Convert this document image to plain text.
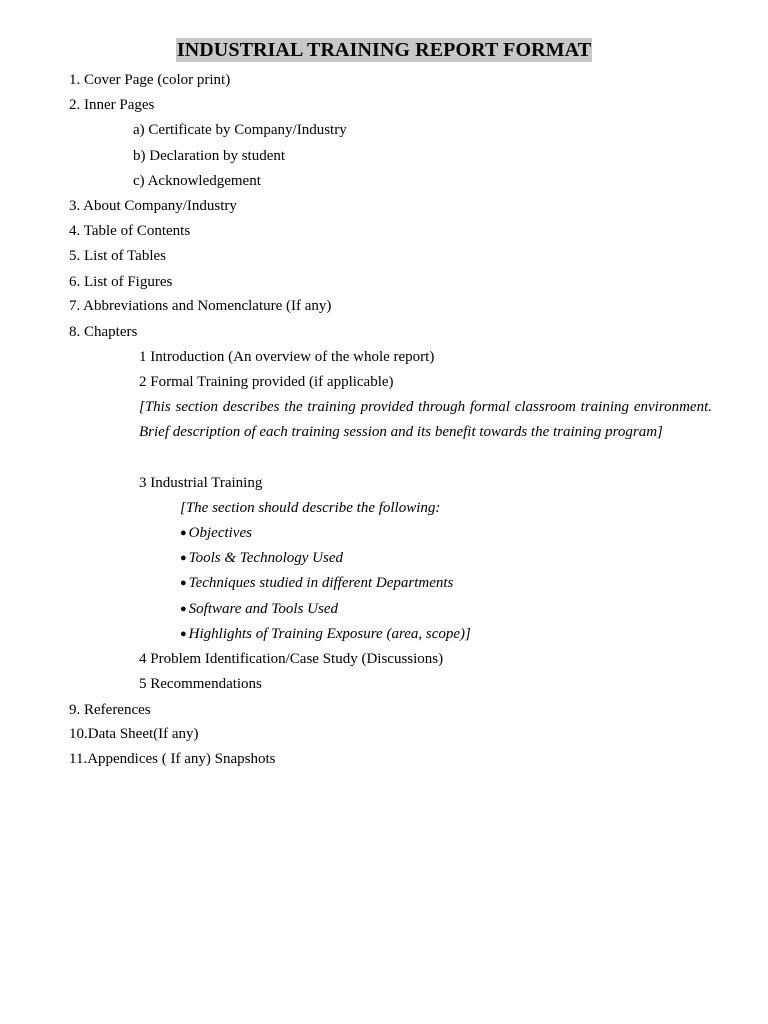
INDUSTRIAL TRAINING REPORT FORMAT
1. Cover Page (color print)
2. Inner Pages
a) Certificate by Company/Industry
b) Declaration by student
c) Acknowledgement
3. About Company/Industry
4. Table of Contents
5. List of Tables
6. List of Figures
7. Abbreviations and Nomenclature (If any)
8. Chapters
1 Introduction (An overview of the whole report)
2 Formal Training provided (if applicable)
[This section describes the training provided through formal classroom training environment. Brief description of each training session and its benefit towards the training program]
3 Industrial Training
[The section should describe the following:
● Objectives
● Tools & Technology Used
● Techniques studied in different Departments
● Software and Tools Used
● Highlights of Training Exposure (area, scope)]
4 Problem Identification/Case Study (Discussions)
5 Recommendations
9. References
10.Data Sheet(If any)
11.Appendices ( If any) Snapshots
